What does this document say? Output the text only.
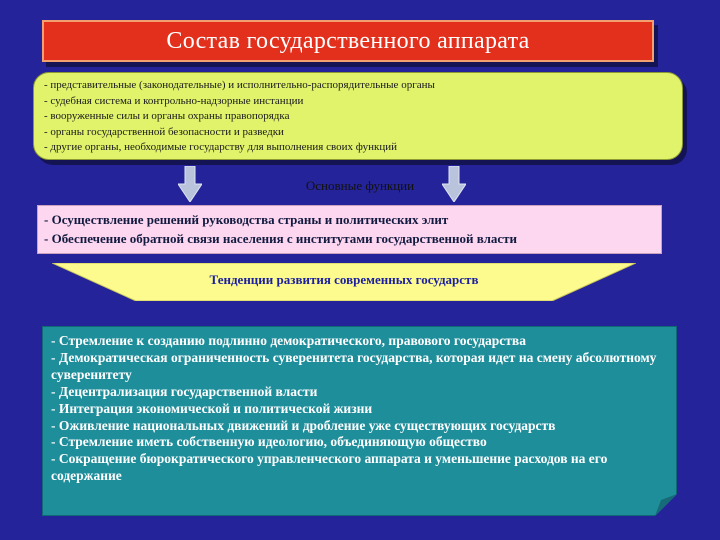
Состав государственного аппарата
- представительные (законодательные) и исполнительно-распорядительные органы
- судебная система и контрольно-надзорные инстанции
- вооруженные силы и органы охраны правопорядка
- органы государственной безопасности и разведки
- другие органы, необходимые государству для выполнения своих функций
Основные функции
- Осуществление решений руководства страны и политических элит
- Обеспечение обратной связи населения с институтами государственной власти
Тенденции развития современных государств
- Стремление к созданию подлинно демократического, правового государства
- Демократическая ограниченность суверенитета государства, которая идет на смену абсолютному суверенитету
- Децентрализация государственной власти
- Интеграция экономической и политической жизни
- Оживление национальных движений и дробление уже существующих государств
- Стремление иметь собственную идеологию, объединяющую общество
- Сокращение бюрократического управленческого аппарата и уменьшение расходов на его содержание
